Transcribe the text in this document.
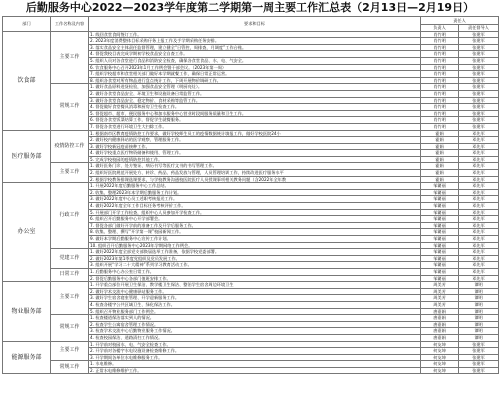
后勤服务中心2022—2023学年度第二学期第一周主要工作汇总表（2月13日—2月19日）
部门	工作名称及内容	要求和目标	责任人	
			负责人	责任督导人
饮食部	主要工作	1. 线回食堂食间签订工作。	肖竹明	张建军
		2. 2023年度消费整体目标采购仔务上报工作及手学期采购任务安排。	肖竹明	张建军
		3. 落实食品安全主体责任监督管理，建立健全“日管控，周排查，月调度”工作台账。	肖竹明	张建军
		4. 督促我校目表完成学期初学校食品安全自查工作。	肖竹明	张建军
		5. 组织人员对各食堂进行食品和消防安全检查，确保各食堂食品、水、电、气安全。	肖竹明	张建军
		6. 饮食服务中心召开2023年1月工作例会暨干部会议。（2023年第一周）	肖竹明	张建军
		7. 组织学校超市和食堂相关部门做好本学期就餐工作，确保日常正常运营。	肖竹明	张建军
		8. 组织各食堂对所有物品进行盘点统计工作，下周开展物价调研工作。	肖竹明	张建军
	常规工作	1. 做好食品原料进货检验，加强食品安全管理（明厨亮灶）。	肖竹明	张建军
		2. 做好各食堂食品安全、环境卫生和设施设备日常监管工作。	肖竹明	张建军
		3. 做好各食堂食品安全、稳定物价、食材采购等监管工作。	肖竹明	张建军
		4. 督促做好食堂餐具消毒和厨房卫生检查工作。	肖竹明	张建军
		5. 督促超市、超市、便民服务中心和加水服务中心营业时段间服务质量和卫生工作。	肖竹明	张建军
		6. 督促各食堂饭菜结算工作，督促学生就餐服务。	肖竹明	张建军
		7. 督促各食堂进行环境卫生大扫除工作。	肖竹明	张建军
医疗服务部	疫情防控工作	1. 根据南市区教育疫情防控工作要求，做好学校师生员工的疫情数据统计填报工作，做好学校医院24小	霍娟	邓先军
		2. 做好校内健康驿站的医学观察、管理服务工作。	霍娟	邓先军
		3. 做好学校新冠疫苗接种工作。	霍娟	邓先军
		4. 做好学校重点医疗物资储备和使用、管理工作。	霍娟	邓先军
		5. 完成学校校园的疫情防控其他工作。	霍娟	邓先军
	主要工作	1. 做好医务门诊、处方签证、病历书写等医疗文书的书写管理工作。	霍娟	邓先军
		2. 组织好医院规范开展处方、转诊、药品、药品发放与管理，人员管理培训工作，持续改进医疗服务水平	霍娟	邓先军
		2. 根据学校教务排课选课要求，与学校教务沟通校医院医疗人员授课事项相关教务问题（含2022年全年教	霍娟	邓先军
办公室	行政工作	1. 开展2022年度后勤服务中心工作总结。	邹繁丽	邓先军
		2. 收集、整理2023年本学期后勤服务工作计划。	邹繁丽	邓先军
		3. 做好2022年度中心员工述职考核报送工作。	邹繁丽	邓先军
		4. 做好2022年度全年工作目标任务考核评价工作。	邹繁丽	邓先军
		5. 开展部门开学工作检查，组织中心人员参加开学检查工作。	邹繁丽	邓先军
		6. 组织召开后勤服务中心开学部署会。	邹繁丽	邓先军
		7. 督促各部门做好开学前的准备工作及开学后服务工作。	邹繁丽	邓先军
		8. 收集、整理、撰写“开学第一课”校园新闻工作。	邹繁丽	邓先军
		9. 做好本学期后勤服务中心宣传工作计划。	邹繁丽	邓先军
		10. 组织召开后勤服务中心2023年学期网络工作例会。	邹繁丽	邓先军
	党建工作	1. 做好2022年度全部党支部换届选举工作准备，依据学校党委部署。	邹繁丽	邓先军
		2. 做好2023年第1季度党组织及党员发展工作。	邹繁丽	邓先军
		3. 组织开展“学习二十大精神”系列学习教育活动工作。	邹繁丽	邓先军
	日常工作	1. 后勤服务中心办公室日常工作。	邹繁丽	邓先军
		2. 督促后勤服务中心各部门值班安排工作。	邹繁丽	邓先军
物业服务部	主要工作	1. 开学重点部位开展卫生保洁、教学楼卫生保洁、整治学生宿舍周边环境卫生	周美芳	谭明
		2. 做好学术交流中心健康驿站服务工作。	周美芳	谭明
		3. 做好学生宿舍寝室管理、开学迎新服务工作。	周美芳	谭明
		4. 检查各楼宇公共区域卫生、绿化保洁工作。	周美芳	谭明
		5. 组织召开物业服务部门工作例会。	唐嘉娟	谭明
	常规工作	1. 检查楼道保洁落实到人的情况。	唐嘉娟	谭明
		2. 检查学生公寓宿舍管理工作情况。	唐嘉娟	谭明
		3. 检查学术交流中心后勤物业服务工作情况。	唐嘉娟	谭明
		4. 检查校园保洁、道路清扫工作情况。	唐嘉娟	谭明
能源服务部	主要工作	1. 开学前对校园水、电、气安全检查工作。	何友坤	张建军
		2. 开学前对各楼宇水电设施设备检查维修工作。	何友坤	张建军
		3. 开学期间各单位水电维修服务工作。	何友坤	张建军
	常规工作	1. 水电维修。	何友坤	张建军
		2. 正常水电维修维护工作。	何友坤	张建军
